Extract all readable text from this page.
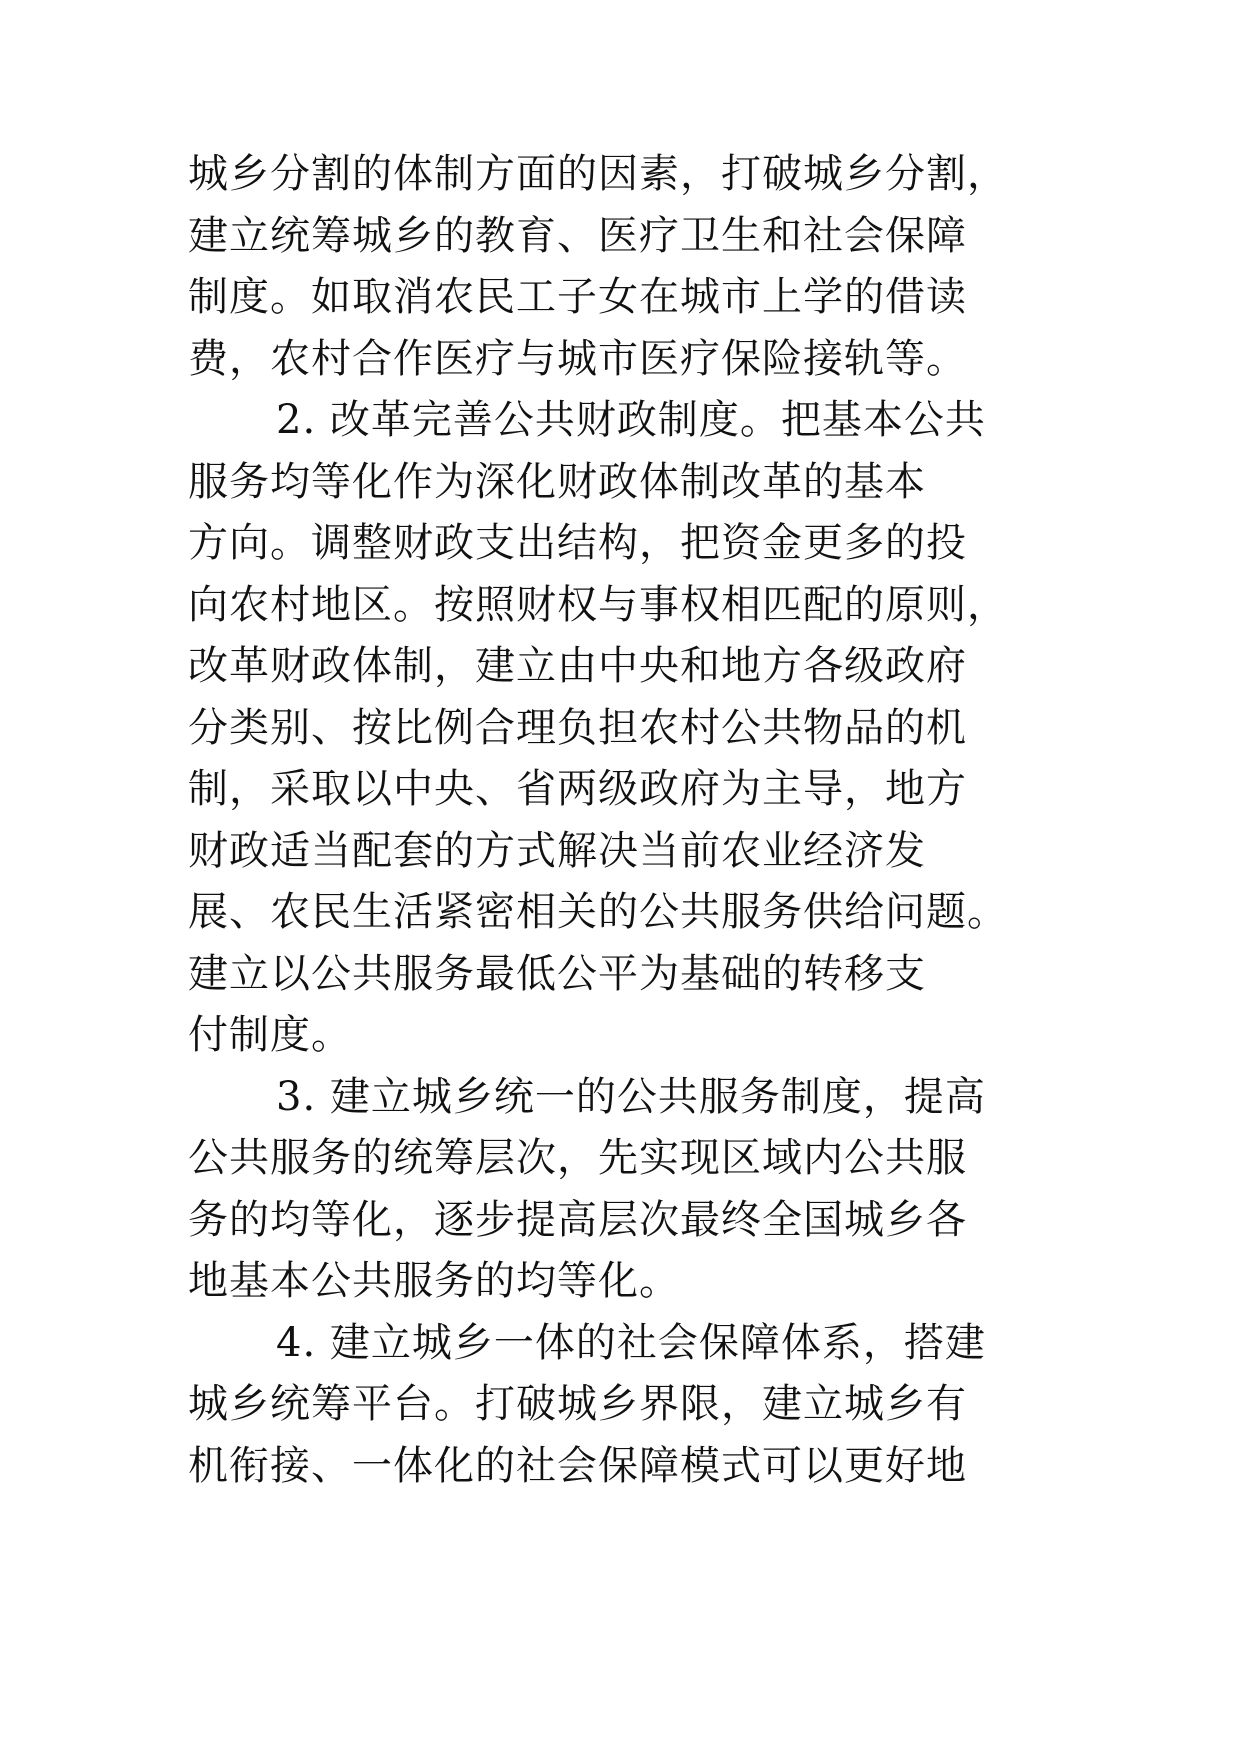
城乡分割的体制方面的因素，打破城乡分割，
建立统筹城乡的教育、医疗卫生和社会保障
制度。如取消农民工子女在城市上学的借读
费，农村合作医疗与城市医疗保险接轨等。
2. 改革完善公共财政制度。把基本公共
服务均等化作为深化财政体制改革的基本
方向。调整财政支出结构，把资金更多的投
向农村地区。按照财权与事权相匹配的原则，
改革财政体制，建立由中央和地方各级政府
分类别、按比例合理负担农村公共物品的机
制，采取以中央、省两级政府为主导，地方
财政适当配套的方式解决当前农业经济发
展、农民生活紧密相关的公共服务供给问题。
建立以公共服务最低公平为基础的转移支
付制度。
3. 建立城乡统一的公共服务制度，提高
公共服务的统筹层次，先实现区域内公共服
务的均等化，逐步提高层次最终全国城乡各
地基本公共服务的均等化。
4. 建立城乡一体的社会保障体系，搭建
城乡统筹平台。打破城乡界限，建立城乡有
机衔接、一体化的社会保障模式可以更好地
